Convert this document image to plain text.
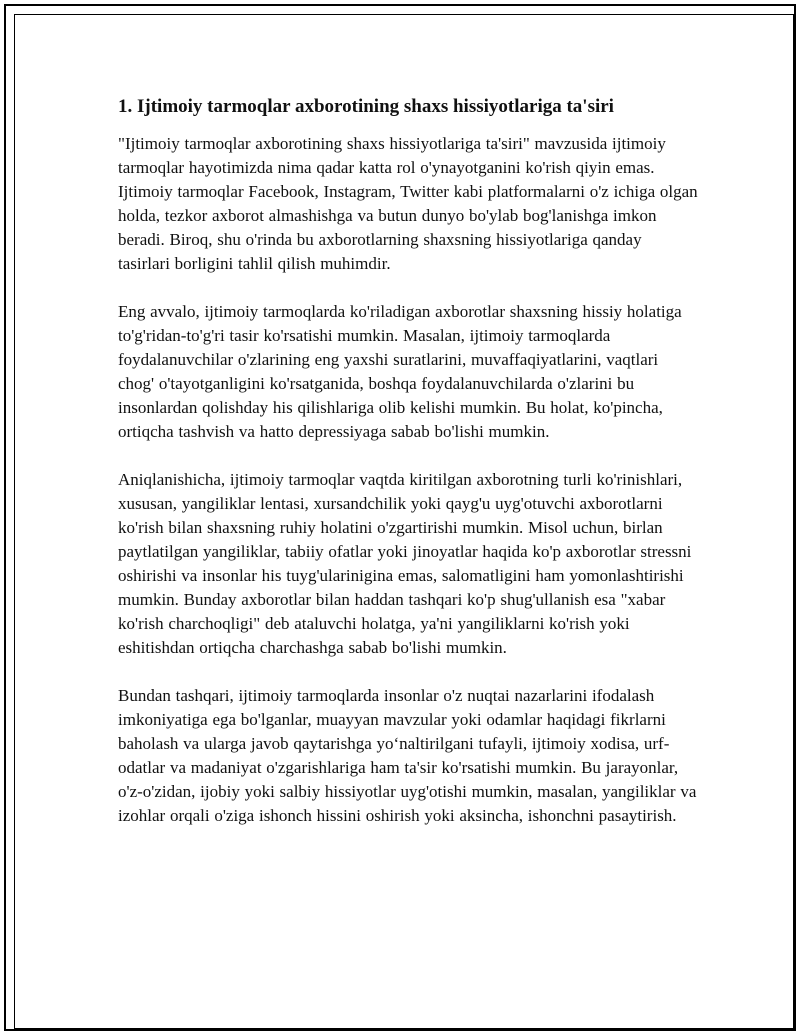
1. Ijtimoiy tarmoqlar axborotining shaxs hissiyotlariga ta'siri

"Ijtimoiy tarmoqlar axborotining shaxs hissiyotlariga ta'siri" mavzusida ijtimoiy tarmoqlar hayotimizda nima qadar katta rol o'ynayotganini ko'rish qiyin emas. Ijtimoiy tarmoqlar Facebook, Instagram, Twitter kabi platformalarni o'z ichiga olgan holda, tezkor axborot almashishga va butun dunyo bo'ylab bog'lanishga imkon beradi. Biroq, shu o'rinda bu axborotlarning shaxsning hissiyotlariga qanday tasirlari borligini tahlil qilish muhimdir.

Eng avvalo, ijtimoiy tarmoqlarda ko'riladigan axborotlar shaxsning hissiy holatiga to'g'ridan-to'g'ri tasir ko'rsatishi mumkin. Masalan, ijtimoiy tarmoqlarda foydalanuvchilar o'zlarining eng yaxshi suratlarini, muvaffaqiyatlarini, vaqtlari chog' o'tayotganligini ko'rsatganida, boshqa foydalanuvchilarda o'zlarini bu insonlardan qolishday his qilishlariga olib kelishi mumkin. Bu holat, ko'pincha, ortiqcha tashvish va hatto depressiyaga sabab bo'lishi mumkin.

Aniqlanishicha, ijtimoiy tarmoqlar vaqtda kiritilgan axborotning turli ko'rinishlari, xususan, yangiliklar lentasi, xursandchilik yoki qayg'u uyg'otuvchi axborotlarni ko'rish bilan shaxsning ruhiy holatini o'zgartirishi mumkin. Misol uchun, birlan paytlatilgan yangiliklar, tabiiy ofatlar yoki jinoyatlar haqida ko'p axborotlar stressni oshirishi va insonlar his tuyg'ularinigina emas, salomatligini ham yomonlashtirishi mumkin. Bunday axborotlar bilan haddan tashqari ko'p shug'ullanish esa "xabar ko'rish charchoqligi" deb ataluvchi holatga, ya'ni yangiliklarni ko'rish yoki eshitishdan ortiqcha charchashga sabab bo'lishi mumkin.

Bundan tashqari, ijtimoiy tarmoqlarda insonlar o'z nuqtai nazarlarini ifodalash imkoniyatiga ega bo'lganlar, muayyan mavzular yoki odamlar haqidagi fikrlarni baholash va ularga javob qaytarishga yo‘naltirilgani tufayli, ijtimoiy xodisa, urf-odatlar va madaniyat o'zgarishlariga ham ta'sir ko'rsatishi mumkin. Bu jarayonlar, o'z-o'zidan, ijobiy yoki salbiy hissiyotlar uyg'otishi mumkin, masalan, yangiliklar va izohlar orqali o'ziga ishonch hissini oshirish yoki aksincha, ishonchni pasaytirish.
